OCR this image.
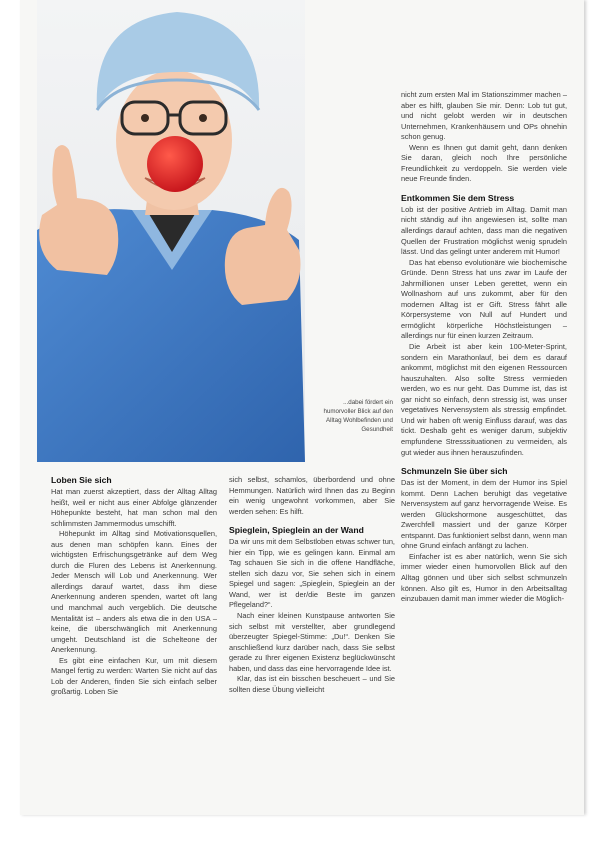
...dabei fördert ein humorvoller Blick auf den Alltag Wohlbefinden und Gesundheit
Loben Sie sich

Hat man zuerst akzeptiert, dass der Alltag Alltag heißt, weil er nicht aus einer Abfolge glänzender Höhepunkte besteht, hat man schon mal den schlimmsten Jammermodus umschifft.

Höhepunkt im Alltag sind Motivationsquellen, aus denen man schöpfen kann. Eines der wichtigsten Erfrischungsgetränke auf dem Weg durch die Fluren des Lebens ist Anerkennung. Jeder Mensch will Lob und Anerkennung. Wer allerdings darauf wartet, dass ihm diese Anerkennung anderen spenden, wartet oft lang und manchmal auch vergeblich. Die deutsche Mentalität ist – anders als etwa die in den USA – keine, die überschwänglich mit Anerkennung umgeht. Deutschland ist die Schelteone der Anerkennung.

Es gibt eine einfachen Kur, um mit diesem Mangel fertig zu werden: Warten Sie nicht auf das Lob der Anderen, finden Sie sich einfach selber großartig. Loben Sie

sich selbst, schamlos, überbordend und ohne Hemmungen. Natürlich wird Ihnen das zu Beginn ein wenig ungewohnt vorkommen, aber Sie werden sehen: Es hilft.

Spieglein, Spieglein an der Wand

Da wir uns mit dem Selbstloben etwas schwer tun, hier ein Tipp, wie es gelingen kann. Einmal am Tag schauen Sie sich in die offene Handfläche, stellen sich dazu vor, Sie sehen sich in einem Spiegel und sagen: „Spieglein, Spieglein an der Wand, wer ist der/die Beste im ganzen Pflegeland?“.

Nach einer kleinen Kunstpause antworten Sie sich selbst mit verstellter, aber grundlegend überzeugter Spiegel-Stimme: „Du!“. Denken Sie anschließend kurz darüber nach, dass Sie selbst gerade zu Ihrer eigenen Existenz beglückwünscht haben, und dass das eine hervorragende Idee ist.

Klar, das ist ein bisschen bescheuert – und Sie sollten diese Übung vielleicht

nicht zum ersten Mal im Stationszimmer machen – aber es hilft, glauben Sie mir. Denn: Lob tut gut, und nicht gelobt werden wir in deutschen Unternehmen, Krankenhäusern und OPs ohnehin schon genug.

Wenn es Ihnen gut damit geht, dann denken Sie daran, gleich noch Ihre persönliche Freundlichkeit zu verdoppeln. Sie werden viele neue Freunde finden.

Entkommen Sie dem Stress

Lob ist der positive Antrieb im Alltag. Damit man nicht ständig auf ihn angewiesen ist, sollte man allerdings darauf achten, dass man die negativen Quellen der Frustration möglichst wenig sprudeln lässt. Und das gelingt unter anderem mit Humor!

Das hat ebenso evolutionäre wie biochemische Gründe. Denn Stress hat uns zwar im Laufe der Jahrmillionen unser Leben gerettet, wenn ein Wollnashorn auf uns zukommt, aber für den modernen Alltag ist er Gift. Stress fährt alle Körpersysteme von Null auf Hundert und ermöglicht körperliche Höchstleistungen – allerdings nur für einen kurzen Zeitraum.

Die Arbeit ist aber kein 100-Meter-Sprint, sondern ein Marathonlauf, bei dem es darauf ankommt, möglichst mit den eigenen Ressourcen hauszuhalten. Also sollte Stress vermieden werden, wo es nur geht. Das Dumme ist, das ist gar nicht so einfach, denn stressig ist, was unser vegetatives Nervensystem als stressig empfindet. Und wir haben oft wenig Einfluss darauf, was das tickt. Deshalb geht es weniger darum, subjektiv empfundene Stresssituationen zu vermeiden, als gut wieder aus ihnen herauszufinden.

Schmunzeln Sie über sich

Das ist der Moment, in dem der Humor ins Spiel kommt. Denn Lachen beruhigt das vegetative Nervensystem auf ganz hervorragende Weise. Es werden Glückshormone ausgeschüttet, das Zwerchfell massiert und der ganze Körper entspannt. Das funktioniert selbst dann, wenn man ohne Grund einfach anfängt zu lachen.

Einfacher ist es aber natürlich, wenn Sie sich immer wieder einen humorvollen Blick auf den Alltag gönnen und über sich selbst schmunzeln können. Also gilt es, Humor in den Arbeitsalltag einzubauen damit man immer wieder die Möglich-
